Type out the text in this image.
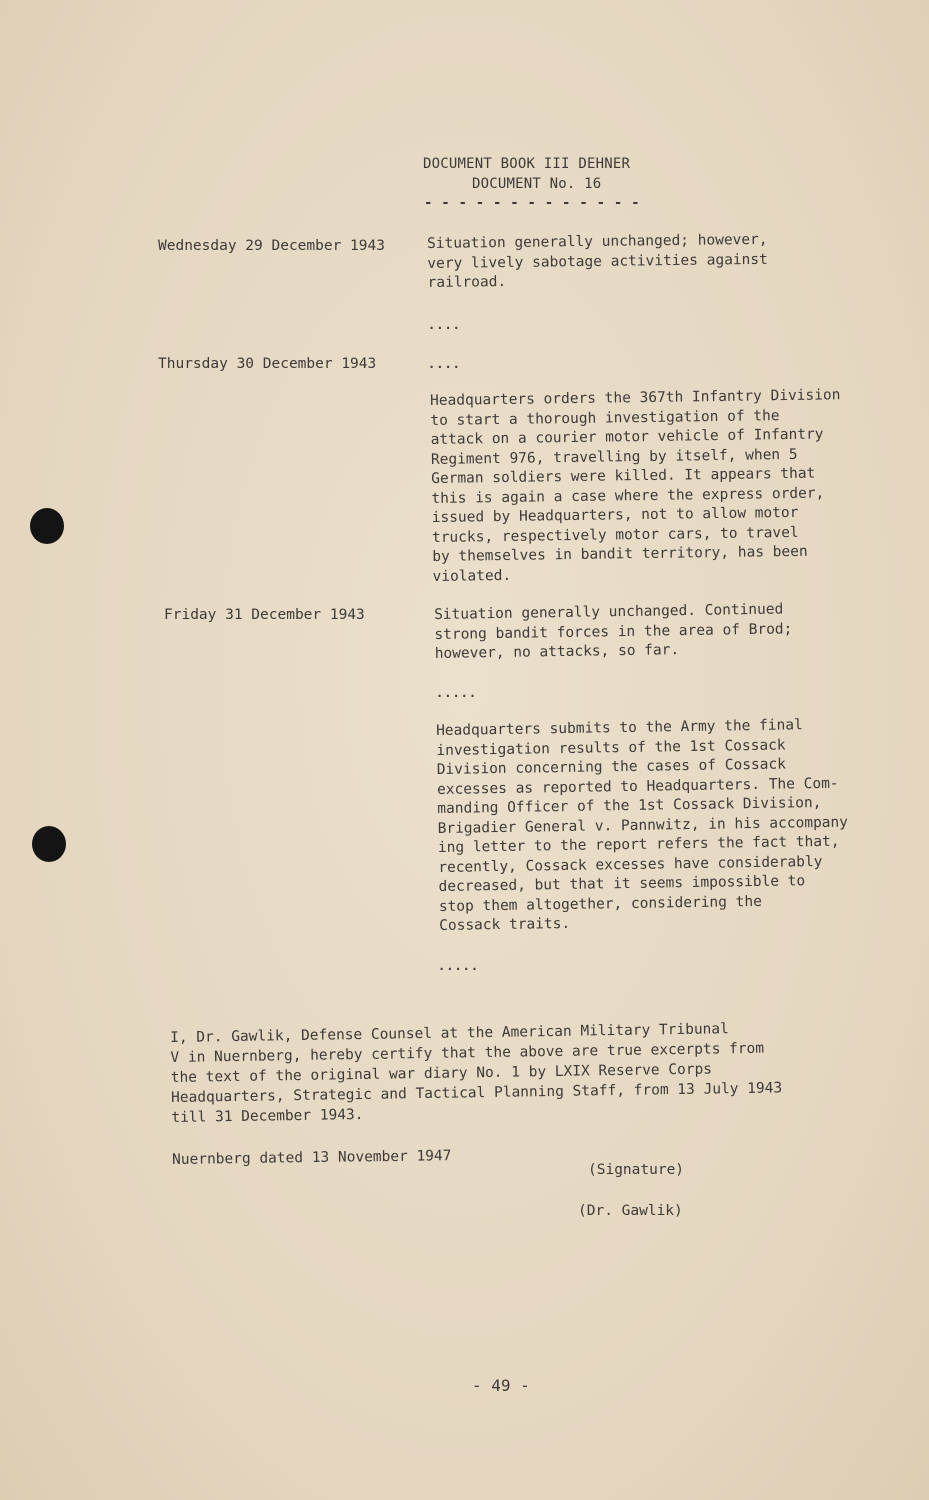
DOCUMENT BOOK III DEHNER
DOCUMENT No. 16
- - - - - - - - - - - - -
Wednesday 29 December 1943	Situation generally unchanged; however,
very lively sabotage activities against
railroad.
....
Thursday 30 December 1943	....
Headquarters orders the 367th Infantry Division
to start a thorough investigation of the
attack on a courier motor vehicle of Infantry
Regiment 976, travelling by itself, when 5
German soldiers were killed. It appears that
this is again a case where the express order,
issued by Headquarters, not to allow motor
trucks, respectively motor cars, to travel
by themselves in bandit territory, has been
violated.
Friday 31 December 1943	Situation generally unchanged. Continued
strong bandit forces in the area of Brod;
however, no attacks, so far.
.....
Headquarters submits to the Army the final
investigation results of the 1st Cossack
Division concerning the cases of Cossack
excesses as reported to Headquarters. The Com-
manding Officer of the 1st Cossack Division,
Brigadier General v. Pannwitz, in his accompany
ing letter to the report refers the fact that,
recently, Cossack excesses have considerably
decreased, but that it seems impossible to
stop them altogether, considering the
Cossack traits.
.....
I, Dr. Gawlik, Defense Counsel at the American Military Tribunal
V in Nuernberg, hereby certify that the above are true excerpts from
the text of the original war diary No. 1 by LXIX Reserve Corps
Headquarters, Strategic and Tactical Planning Staff, from 13 July 1943
till 31 December 1943.
Nuernberg dated 13 November 1947
(Signature)
(Dr. Gawlik)
- 49 -
